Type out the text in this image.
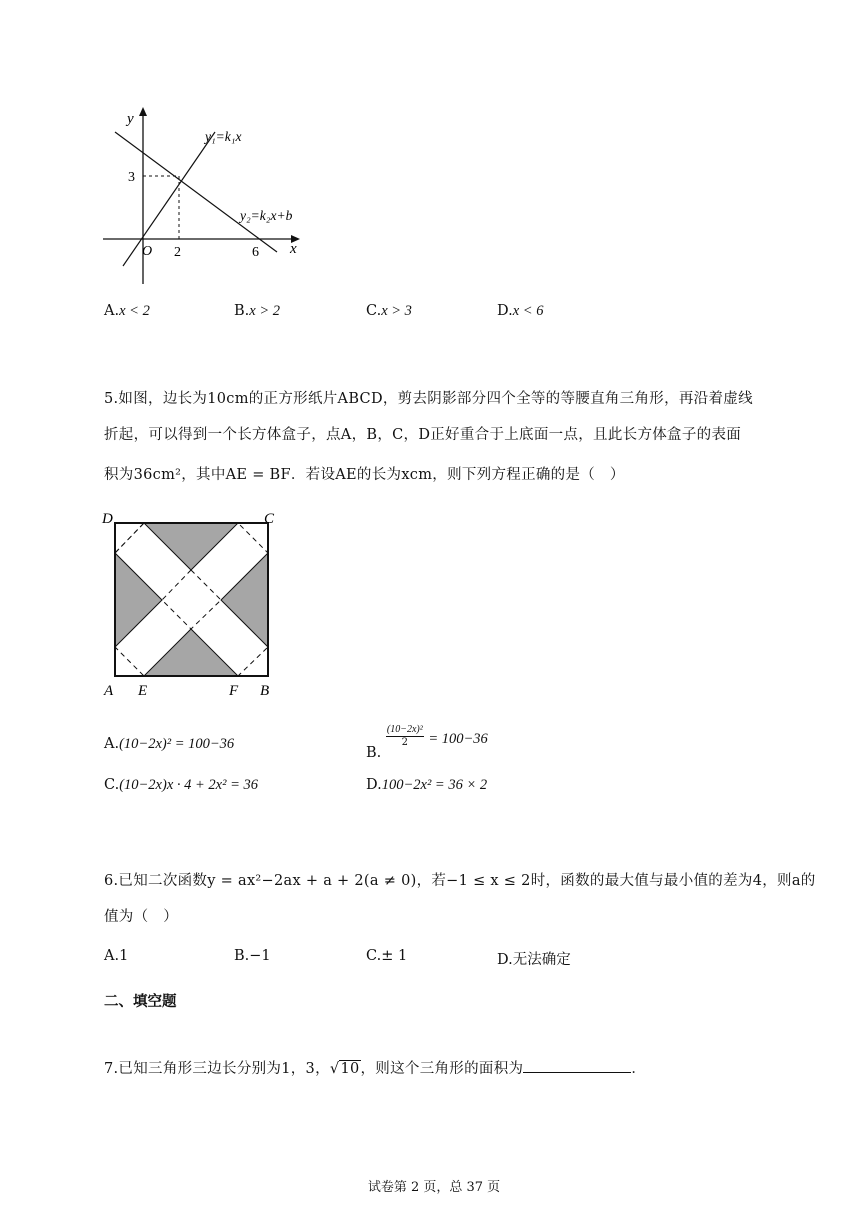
y
x
O 2
3
6
y₁=k₁x
y₂=k₂x+b
A.x < 2	B.x > 2	C.x > 3	D.x < 6
5.如图，边长为10cm的正方形纸片ABCD，剪去阴影部分四个全等的等腰直角三角形，再沿着虚线
折起，可以得到一个长方体盒子，点A，B，C，D正好重合于上底面一点，且此长方体盒子的表面
积为36cm²，其中AE = BF．若设AE的长为xcm，则下列方程正确的是（　）
D	C
A E	F B
A.(10−2x)² = 100−36
B.
$\frac{\text{(10−2x)²}}{2} = 100-36$
C.(10−2x)x · 4 + 2x² = 36	D.100−2x² = 36 × 2
6.已知二次函数y = ax²−2ax + a + 2(a ≠ 0)，若−1 ≤ x ≤ 2时，函数的最大值与最小值的差为4，则a的
值为（　）
A.1	B.−1	C.± 1	D.无法确定
二、填空题
7.已知三角形三边长分别为1，3，√10，则这个三角形的面积为	．
试卷第 2 页，总 37 页
